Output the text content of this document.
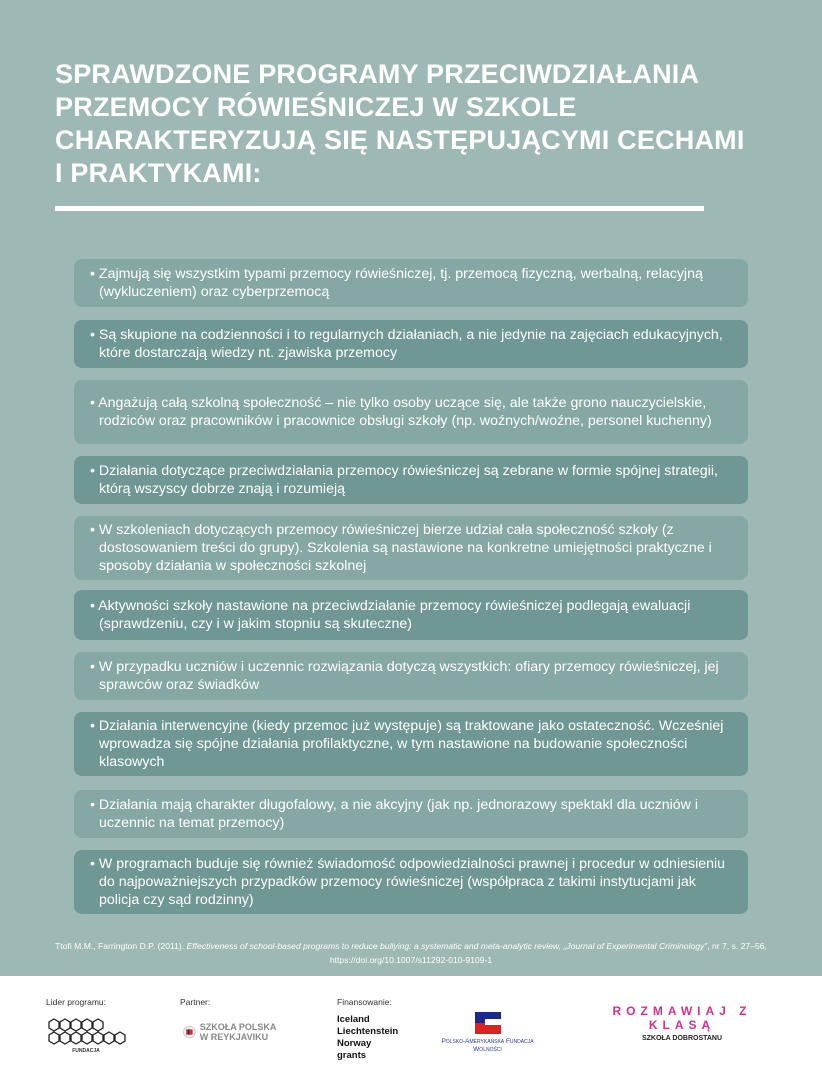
SPRAWDZONE PROGRAMY PRZECIWDZIAŁANIA PRZEMOCY RÓWIEŚNICZEJ W SZKOLE CHARAKTERYZUJĄ SIĘ NASTĘPUJĄCYMI CECHAMI I PRAKTYKAMI:
• Zajmują się wszystkim typami przemocy rówieśniczej, tj. przemocą fizyczną, werbalną, relacyjną (wykluczeniem) oraz cyberprzemocą
• Są skupione na codzienności i to regularnych działaniach, a nie jedynie na zajęciach edukacyjnych, które dostarczają wiedzy nt. zjawiska przemocy
• Angażują całą szkolną społeczność – nie tylko osoby uczące się, ale także grono nauczycielskie, rodziców oraz pracowników i pracownice obsługi szkoły (np. woźnych/woźne, personel kuchenny)
• Działania dotyczące przeciwdziałania przemocy rówieśniczej są zebrane w formie spójnej strategii, którą wszyscy dobrze znają i rozumieją
• W szkoleniach dotyczących przemocy rówieśniczej bierze udział cała społeczność szkoły (z dostosowaniem treści do grupy). Szkolenia są nastawione na konkretne umiejętności praktyczne i sposoby działania w społeczności szkolnej
• Aktywności szkoły nastawione na przeciwdziałanie przemocy rówieśniczej podlegają ewaluacji (sprawdzeniu, czy i w jakim stopniu są skuteczne)
• W przypadku uczniów i uczennic rozwiązania dotyczą wszystkich: ofiary przemocy rówieśniczej, jej sprawców oraz świadków
• Działania interwencyjne (kiedy przemoc już występuje) są traktowane jako ostateczność. Wcześniej wprowadza się spójne działania profilaktyczne, w tym nastawione na budowanie społeczności klasowych
• Działania mają charakter długofalowy, a nie akcyjny (jak np. jednorazowy spektakl dla uczniów i uczennic na temat przemocy)
• W programach buduje się również świadomość odpowiedzialności prawnej i procedur w odniesieniu do najpoważniejszych przypadków przemocy rówieśniczej (współpraca z takimi instytucjami jak policja czy sąd rodzinny)
Ttofi M.M., Farrington D.P. (2011). Effectiveness of school-based programs to reduce bullying: a systematic and meta-analytic review, „Journal of Experimental Criminology”, nr 7, s. 27–56,
https://doi.org/10.1007/s11292-010-9109-1
Lider programu:	Partner:	Finansowanie:
FUNDACJA
SZKOŁA POLSKA W REYKJAVIKU
Iceland Liechtenstein Norway grants
Polsko-Amerykańska Fundacja Wolności
ROZMAWIAJ Z KLASĄ
SZKOŁA DOBROSTANU
